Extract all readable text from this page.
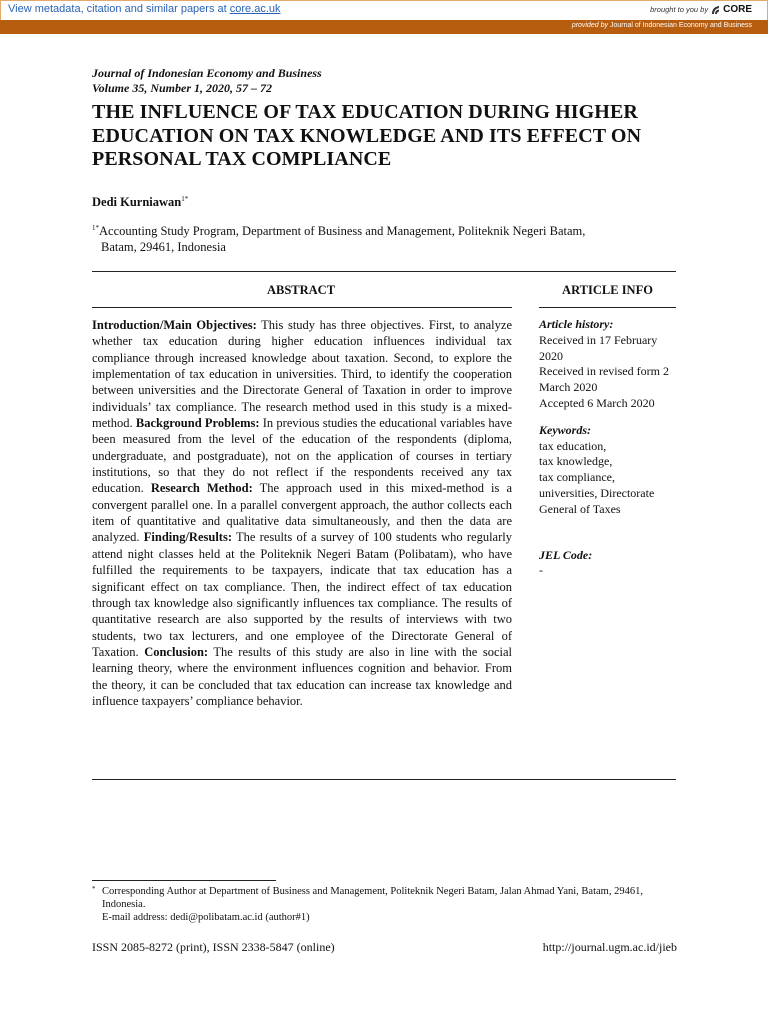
View metadata, citation and similar papers at core.ac.uk	brought to you by CORE
provided by Journal of Indonesian Economy and Business
Journal of Indonesian Economy and Business
Volume 35, Number 1, 2020, 57 – 72
THE INFLUENCE OF TAX EDUCATION DURING HIGHER
EDUCATION ON TAX KNOWLEDGE AND ITS EFFECT ON
PERSONAL TAX COMPLIANCE
Dedi Kurniawan$^{1*}$
$^{1*}$Accounting Study Program, Department of Business and Management, Politeknik Negeri Batam,
Batam, 29461, Indonesia
ABSTRACT	ARTICLE INFO
Introduction/Main Objectives: This study has three objectives. First, to analyze whether tax education during higher education influences individual tax compliance through increased knowledge about taxation. Second, to explore the implementation of tax education in universities. Third, to identify the cooperation between universities and the Directorate General of Taxation in order to improve individuals’ tax compliance. The research method used in this study is a mixed-method. Background Problems: In previous studies the educational variables have been measured from the level of the education of the respondents (diploma, undergraduate, and postgraduate), not on the application of courses in tertiary institutions, so that they do not reflect if the respondents received any tax education. Research Method: The approach used in this mixed-method is a convergent parallel one. In a parallel convergent approach, the author collects each item of quantitative and qualitative data simultaneously, and then the data are analyzed. Finding/Results: The results of a survey of 100 students who regularly attend night classes held at the Politeknik Negeri Batam (Polibatam), who have fulfilled the requirements to be taxpayers, indicate that tax education has a significant effect on tax compliance. Then, the indirect effect of tax education through tax knowledge also significantly influences tax compliance. The results of quantitative research are also supported by the results of interviews with two students, two tax lecturers, and one employee of the Directorate General of Taxation. Conclusion: The results of this study are also in line with the social learning theory, where the environment influences cognition and behavior. From the theory, it can be concluded that tax education can increase tax knowledge and influence taxpayers’ compliance behavior.
Article history:
Received in 17 February 2020
Received in revised form 2 March 2020
Accepted 6 March 2020
Keywords:
tax education,
tax knowledge,
tax compliance,
universities, Directorate General of Taxes
JEL Code:
-
* Corresponding Author at Department of Business and Management, Politeknik Negeri Batam, Jalan Ahmad Yani, Batam, 29461, Indonesia.
E-mail address: dedi@polibatam.ac.id (author#1)
ISSN 2085-8272 (print), ISSN 2338-5847 (online)	http://journal.ugm.ac.id/jieb
